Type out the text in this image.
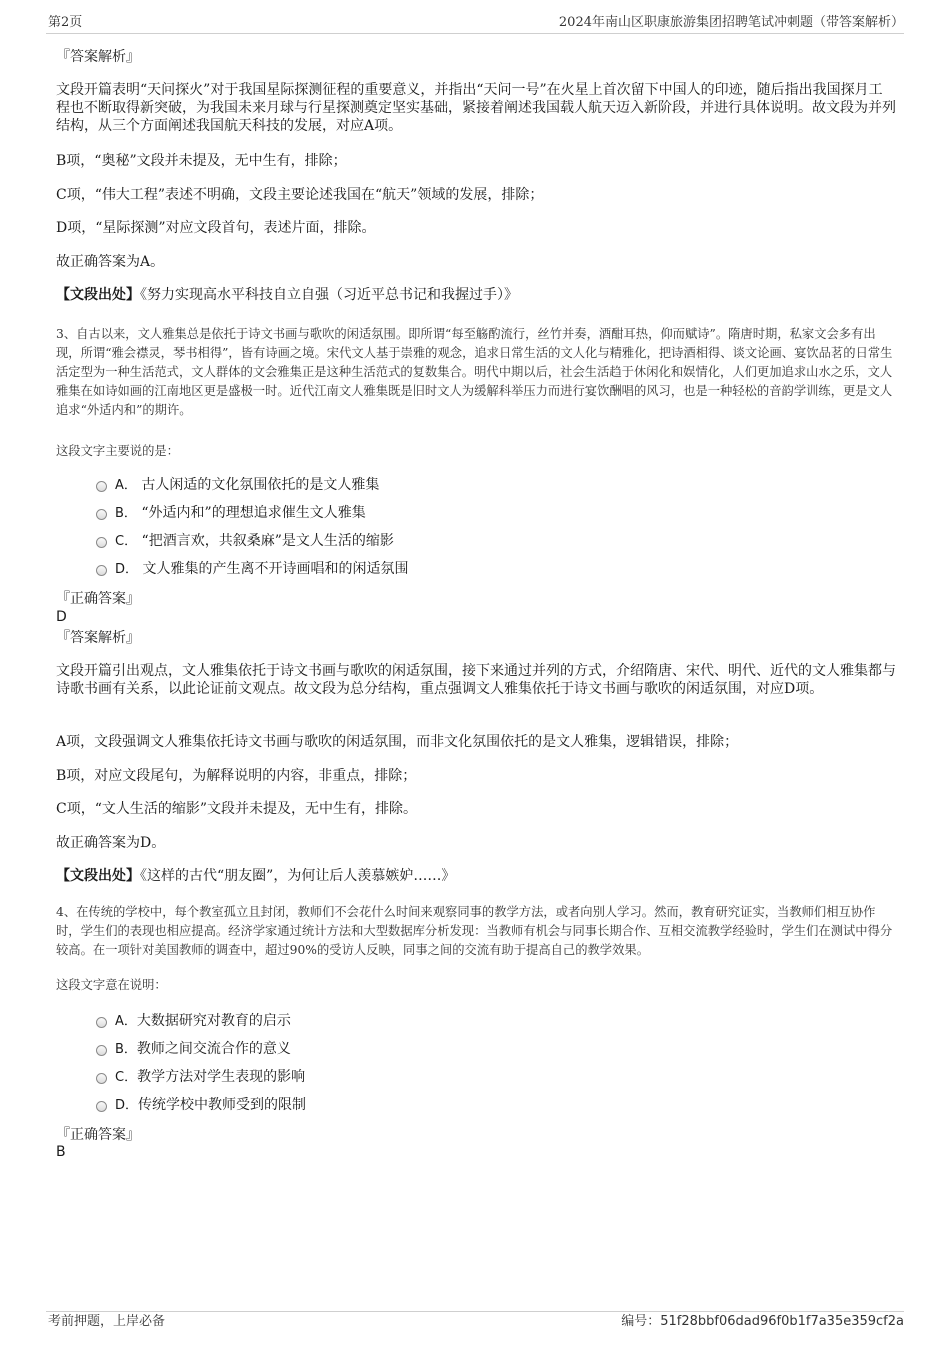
第2页	2024年南山区职康旅游集团招聘笔试冲刺题（带答案解析）

『答案解析』

文段开篇表明“天问探火”对于我国星际探测征程的重要意义，并指出“天问一号”在火星上首次留下中国人的印迹，随后指出我国探月工程也不断取得新突破，为我国未来月球与行星探测奠定坚实基础，紧接着阐述我国载人航天迈入新阶段，并进行具体说明。故文段为并列结构，从三个方面阐述我国航天科技的发展，对应A项。

B项，“奥秘”文段并未提及，无中生有，排除；

C项，“伟大工程”表述不明确，文段主要论述我国在“航天”领域的发展，排除；

D项，“星际探测”对应文段首句，表述片面，排除。

故正确答案为A。

【文段出处】《努力实现高水平科技自立自强（习近平总书记和我握过手）》

3、自古以来，文人雅集总是依托于诗文书画与歌吹的闲适氛围。即所谓“每至觞酌流行，丝竹并奏，酒酣耳热，仰而赋诗”。隋唐时期，私家文会多有出现，所谓“雅会襟灵，琴书相得”，皆有诗画之境。宋代文人基于崇雅的观念，追求日常生活的文人化与精雅化，把诗酒相得、谈文论画、宴饮品茗的日常生活定型为一种生活范式，文人群体的文会雅集正是这种生活范式的复数集合。明代中期以后，社会生活趋于休闲化和娱情化，人们更加追求山水之乐，文人雅集在如诗如画的江南地区更是盛极一时。近代江南文人雅集既是旧时文人为缓解科举压力而进行宴饮酬唱的风习，也是一种轻松的音韵学训练，更是文人追求“外适内和”的期许。

这段文字主要说的是：

A． 古人闲适的文化氛围依托的是文人雅集
B． “外适内和”的理想追求催生文人雅集
C． “把酒言欢，共叙桑麻”是文人生活的缩影
D． 文人雅集的产生离不开诗画唱和的闲适氛围

『正确答案』

D

『答案解析』

文段开篇引出观点，文人雅集依托于诗文书画与歌吹的闲适氛围，接下来通过并列的方式，介绍隋唐、宋代、明代、近代的文人雅集都与诗歌书画有关系，以此论证前文观点。故文段为总分结构，重点强调文人雅集依托于诗文书画与歌吹的闲适氛围，对应D项。

A项，文段强调文人雅集依托诗文书画与歌吹的闲适氛围，而非文化氛围依托的是文人雅集，逻辑错误，排除；

B项，对应文段尾句，为解释说明的内容，非重点，排除；

C项，“文人生活的缩影”文段并未提及，无中生有，排除。

故正确答案为D。

【文段出处】《这样的古代“朋友圈”，为何让后人羡慕嫉妒……》

4、在传统的学校中，每个教室孤立且封闭，教师们不会花什么时间来观察同事的教学方法，或者向别人学习。然而，教育研究证实，当教师们相互协作时，学生们的表现也相应提高。经济学家通过统计方法和大型数据库分析发现：当教师有机会与同事长期合作、互相交流教学经验时，学生们在测试中得分较高。在一项针对美国教师的调查中，超过90%的受访人反映，同事之间的交流有助于提高自己的教学效果。

这段文字意在说明：

A．大数据研究对教育的启示
B．教师之间交流合作的意义
C．教学方法对学生表现的影响
D．传统学校中教师受到的限制

『正确答案』

B

考前押题，上岸必备	编号：51f28bbf06dad96f0b1f7a35e359cf2a
